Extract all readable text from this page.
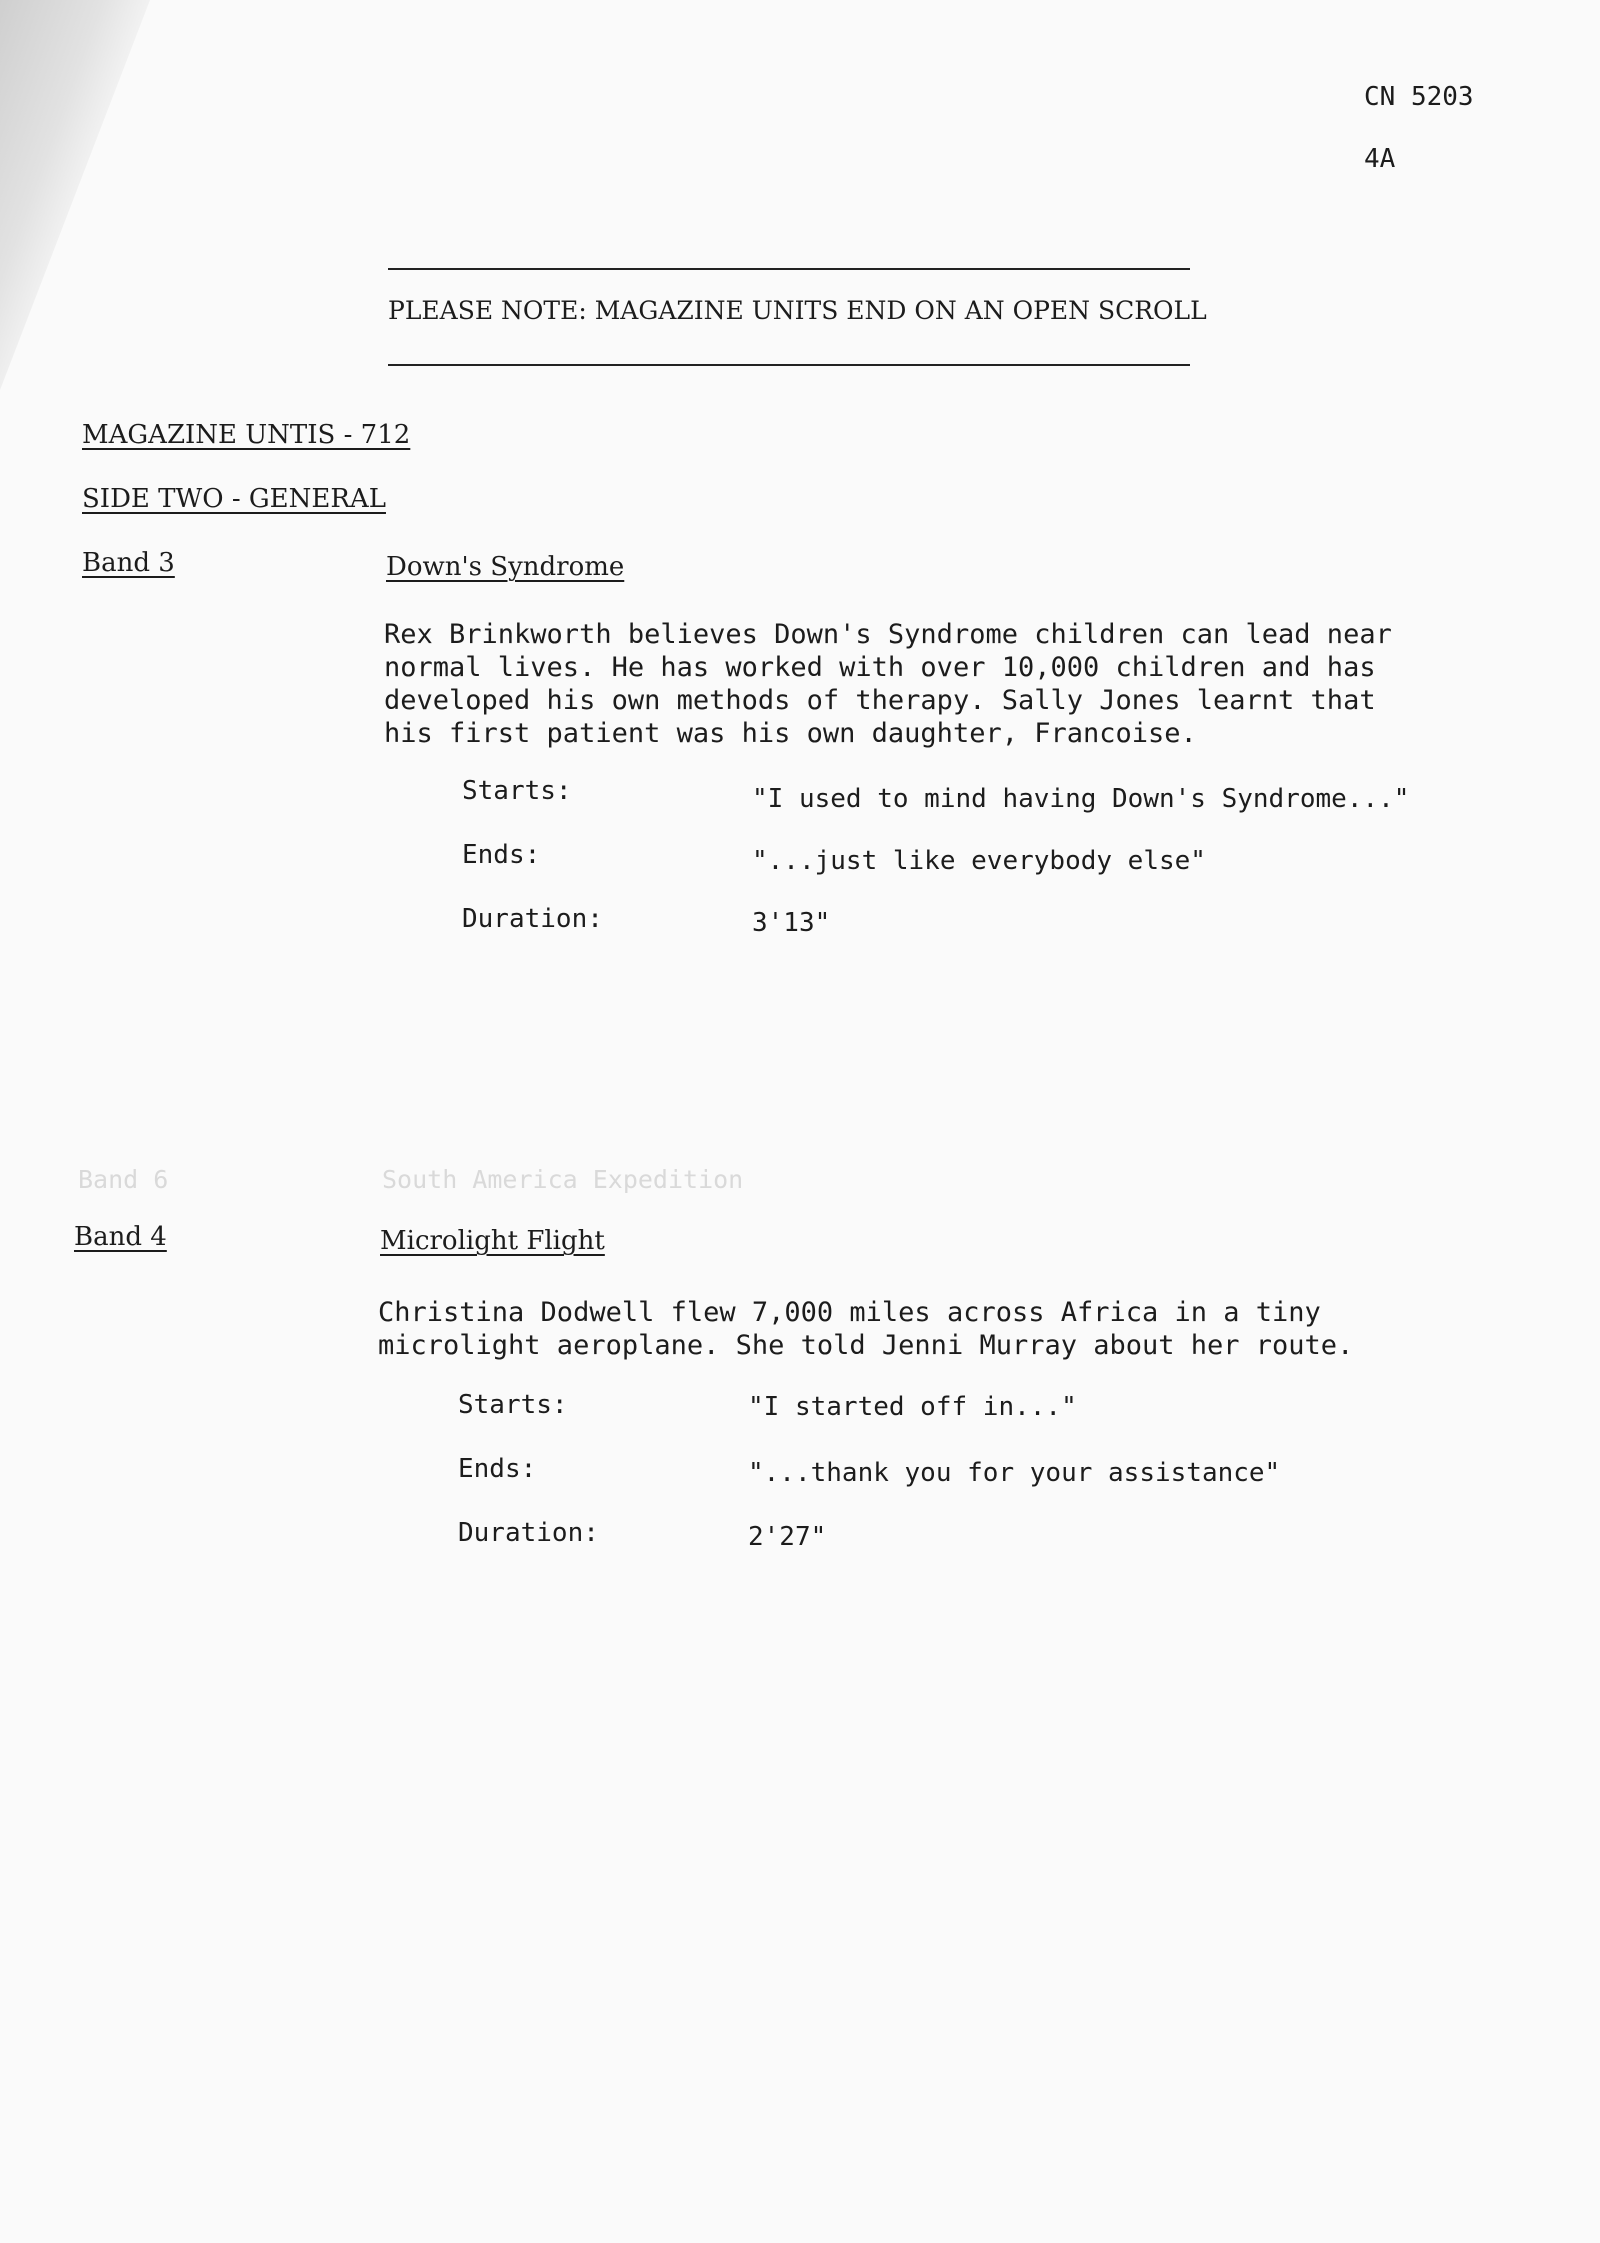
Band 6	South America Expedition
CN 5203
4A
PLEASE NOTE: MAGAZINE UNITS END ON AN OPEN SCROLL
MAGAZINE UNTIS - 712
SIDE TWO - GENERAL
Band 3	Down's Syndrome
Rex Brinkworth believes Down's Syndrome children can lead near
normal lives. He has worked with over 10,000 children and has
developed his own methods of therapy. Sally Jones learnt that
his first patient was his own daughter, Francoise.
Starts:	"I used to mind having Down's Syndrome..."
Ends:	"...just like everybody else"
Duration:	3'13"
Band 4	Microlight Flight
Christina Dodwell flew 7,000 miles across Africa in a tiny
microlight aeroplane. She told Jenni Murray about her route.
Starts:	"I started off in..."
Ends:	"...thank you for your assistance"
Duration:	2'27"
